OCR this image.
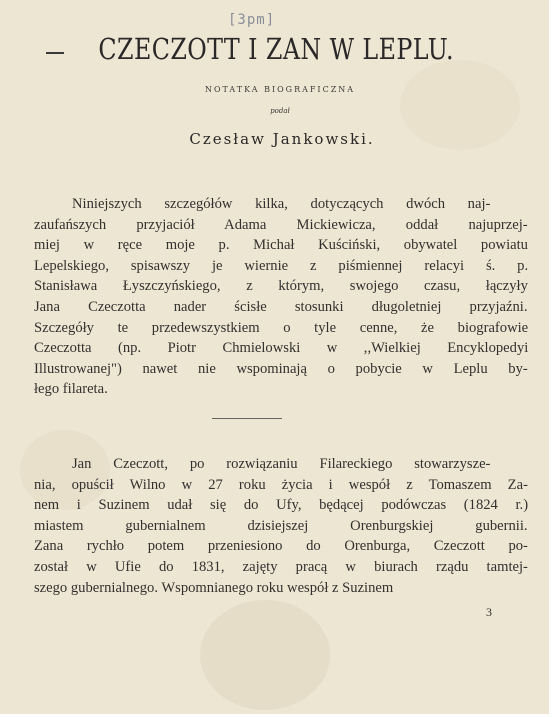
[3pm]
CZECZOTT I ZAN W LEPLU.
NOTATKA BIOGRAFICZNA
podał
Czesław Jankowski.
Niniejszych szczegółów kilka, dotyczących dwóch naj-
zaufańszych przyjaciół Adama Mickiewicza, oddał najuprzej-
miej w ręce moje p. Michał Kuściński, obywatel powiatu
Lepelskiego, spisawszy je wiernie z piśmiennej relacyi ś. p.
Stanisława Łyszczyńskiego, z którym, swojego czasu, łączyły
Jana Czeczotta nader ścisłe stosunki długoletniej przyjaźni.
Szczegóły te przedewszystkiem o tyle cenne, że biografowie
Czeczotta (np. Piotr Chmielowski w ,,Wielkiej Encyklopedyi
Illustrowanej") nawet nie wspominają o pobycie w Leplu by-
łego filareta.
Jan Czeczott, po rozwiązaniu Filareckiego stowarzysze-
nia, opuścił Wilno w 27 roku życia i wespół z Tomaszem Za-
nem i Suzinem udał się do Ufy, będącej podówczas (1824 r.)
miastem gubernialnem dzisiejszej Orenburgskiej gubernii.
Zana rychło potem przeniesiono do Orenburga, Czeczott po-
został w Ufie do 1831, zajęty pracą w biurach rządu tamtej-
szego gubernialnego. Wspomnianego roku wespół z Suzinem
3
